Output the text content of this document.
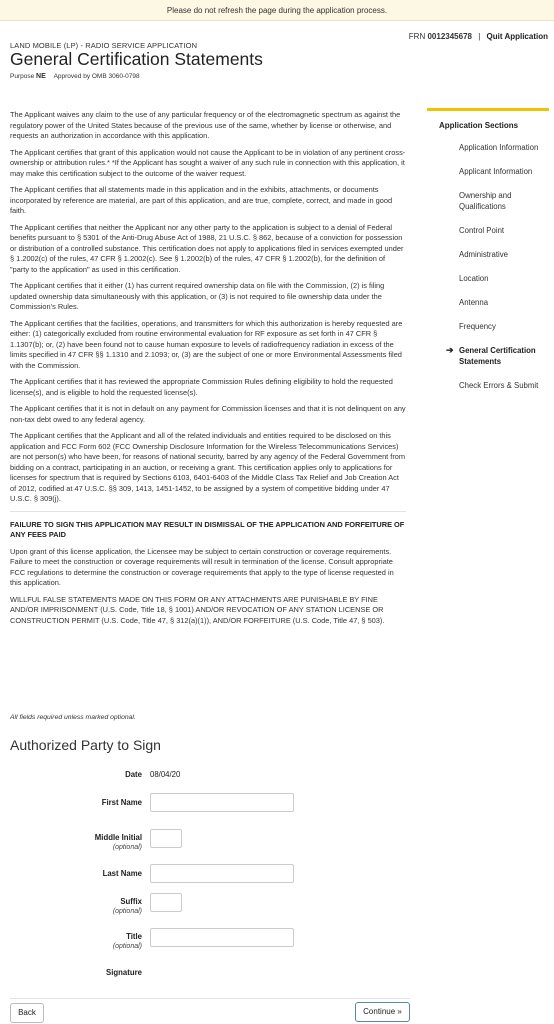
Please do not refresh the page during the application process.
FRN 0012345678 | Quit Application
LAND MOBILE (LP) - RADIO SERVICE APPLICATION
General Certification Statements
Purpose NE Approved by OMB 3060-0798

The Applicant waives any claim to the use of any particular frequency or of the electromagnetic spectrum as against the regulatory power of the United States because of the previous use of the same, whether by license or otherwise, and requests an authorization in accordance with this application.

The Applicant certifies that grant of this application would not cause the Applicant to be in violation of any pertinent cross-ownership or attribution rules.* *If the Applicant has sought a waiver of any such rule in connection with this application, it may make this certification subject to the outcome of the waiver request.

The Applicant certifies that all statements made in this application and in the exhibits, attachments, or documents incorporated by reference are material, are part of this application, and are true, complete, correct, and made in good faith.

The Applicant certifies that neither the Applicant nor any other party to the application is subject to a denial of Federal benefits pursuant to § 5301 of the Anti-Drug Abuse Act of 1988, 21 U.S.C. § 862, because of a conviction for possession or distribution of a controlled substance. This certification does not apply to applications filed in services exempted under § 1.2002(c) of the rules, 47 CFR § 1.2002(c). See § 1.2002(b) of the rules, 47 CFR § 1.2002(b), for the definition of "party to the application" as used in this certification.

The Applicant certifies that it either (1) has current required ownership data on file with the Commission, (2) is filing updated ownership data simultaneously with this application, or (3) is not required to file ownership data under the Commission's Rules.

The Applicant certifies that the facilities, operations, and transmitters for which this authorization is hereby requested are either: (1) categorically excluded from routine environmental evaluation for RF exposure as set forth in 47 CFR § 1.1307(b); or, (2) have been found not to cause human exposure to levels of radiofrequency radiation in excess of the limits specified in 47 CFR §§ 1.1310 and 2.1093; or, (3) are the subject of one or more Environmental Assessments filed with the Commission.

The Applicant certifies that it has reviewed the appropriate Commission Rules defining eligibility to hold the requested license(s), and is eligible to hold the requested license(s).

The Applicant certifies that it is not in default on any payment for Commission licenses and that it is not delinquent on any non-tax debt owed to any federal agency.

The Applicant certifies that the Applicant and all of the related individuals and entities required to be disclosed on this application and FCC Form 602 (FCC Ownership Disclosure Information for the Wireless Telecommunications Services) are not person(s) who have been, for reasons of national security, barred by any agency of the Federal Government from bidding on a contract, participating in an auction, or receiving a grant. This certification applies only to applications for licenses for spectrum that is required by Sections 6103, 6401-6403 of the Middle Class Tax Relief and Job Creation Act of 2012, codified at 47 U.S.C. §§ 309, 1413, 1451-1452, to be assigned by a system of competitive bidding under 47 U.S.C. § 309(j).

FAILURE TO SIGN THIS APPLICATION MAY RESULT IN DISMISSAL OF THE APPLICATION AND FORFEITURE OF ANY FEES PAID

Upon grant of this license application, the Licensee may be subject to certain construction or coverage requirements. Failure to meet the construction or coverage requirements will result in termination of the license. Consult appropriate FCC regulations to determine the construction or coverage requirements that apply to the type of license requested in this application.

WILLFUL FALSE STATEMENTS MADE ON THIS FORM OR ANY ATTACHMENTS ARE PUNISHABLE BY FINE AND/OR IMPRISONMENT (U.S. Code, Title 18, § 1001) AND/OR REVOCATION OF ANY STATION LICENSE OR CONSTRUCTION PERMIT (U.S. Code, Title 47, § 312(a)(1)), AND/OR FORFEITURE (U.S. Code, Title 47, § 503).

Application Sections
Application Information
Applicant Information
Ownership and Qualifications
Control Point
Administrative
Location
Antenna
Frequency
➔ General Certification Statements
Check Errors & Submit
All fields required unless marked optional.
Authorized Party to Sign
Date 08/04/20
First Name
Middle Initial
(optional)
Last Name
Suffix
(optional)
Title
(optional)
Signature
Back	Continue »
